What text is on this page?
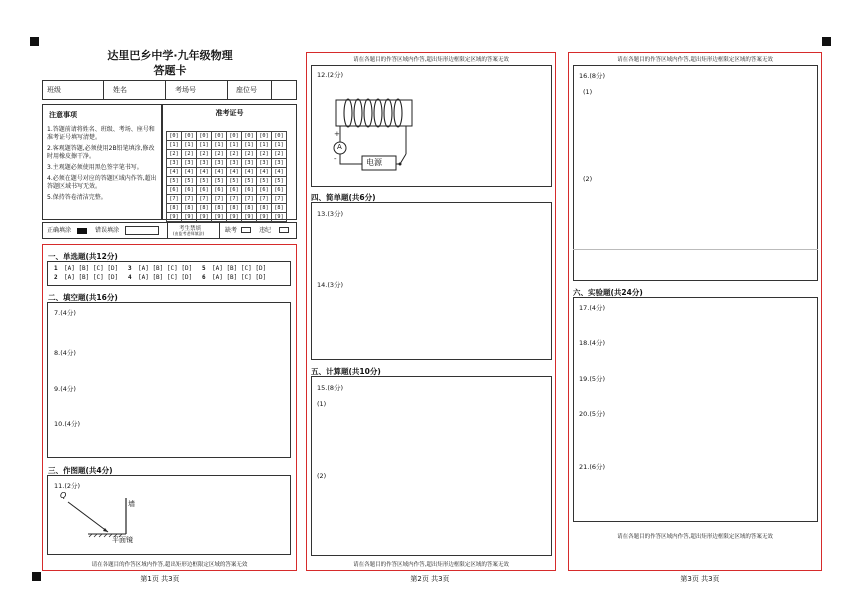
达里巴乡中学·九年级物理
答题卡
班级	姓名	考场号	座位号
注意事项
1.答题前请将姓名、班级、考场、座号和准考证号填写清楚。
2.客观题答题,必须使用2B铅笔填涂,修改时用橡皮擦干净。
3.主观题必须使用黑色签字笔书写。
4.必须在题号对应的答题区域内作答,超出答题区域书写无效。
5.保持答卷清洁完整。
准考证号
[0]	[0]	[0]	[0]	[0]	[0]	[0]	[0]
[1]	[1]	[1]	[1]	[1]	[1]	[1]	[1]
[2]	[2]	[2]	[2]	[2]	[2]	[2]	[2]
[3]	[3]	[3]	[3]	[3]	[3]	[3]	[3]
[4]	[4]	[4]	[4]	[4]	[4]	[4]	[4]
[5]	[5]	[5]	[5]	[5]	[5]	[5]	[5]
[6]	[6]	[6]	[6]	[6]	[6]	[6]	[6]
[7]	[7]	[7]	[7]	[7]	[7]	[7]	[7]
[8]	[8]	[8]	[8]	[8]	[8]	[8]	[8]
[9]	[9]	[9]	[9]	[9]	[9]	[9]	[9]
正确填涂	错误填涂	考生禁填
(由监考老师填涂)	缺考	违纪
一、单选题(共12分)
1	[A] [B] [C] [D]	3	[A] [B] [C] [D]	5	[A] [B] [C] [D]
2	[A] [B] [C] [D]	4	[A] [B] [C] [D]	6	[A] [B] [C] [D]
二、填空题(共16分)
7.(4分)
8.(4分)
9.(4分)
10.(4分)
三、作图题(共4分)
11.(2分)
Q
墙
平面镜
请在各题目的作答区域内作答,超出矩形边框限定区域的答案无效
第1页 共3页
请在各题目的作答区域内作答,超出矩形边框限定区域的答案无效
12.(2分)
+
-
A
电源
四、简单题(共6分)
13.(3分)
14.(3分)
五、计算题(共10分)
15.(8分)
(1)
(2)
请在各题目的作答区域内作答,超出矩形边框限定区域的答案无效
第2页 共3页
请在各题目的作答区域内作答,超出矩形边框限定区域的答案无效
16.(8分)
(1)
(2)
六、实验题(共24分)
17.(4分)
18.(4分)
19.(5分)
20.(5分)
21.(6分)
请在各题目的作答区域内作答,超出矩形边框限定区域的答案无效
第3页 共3页
